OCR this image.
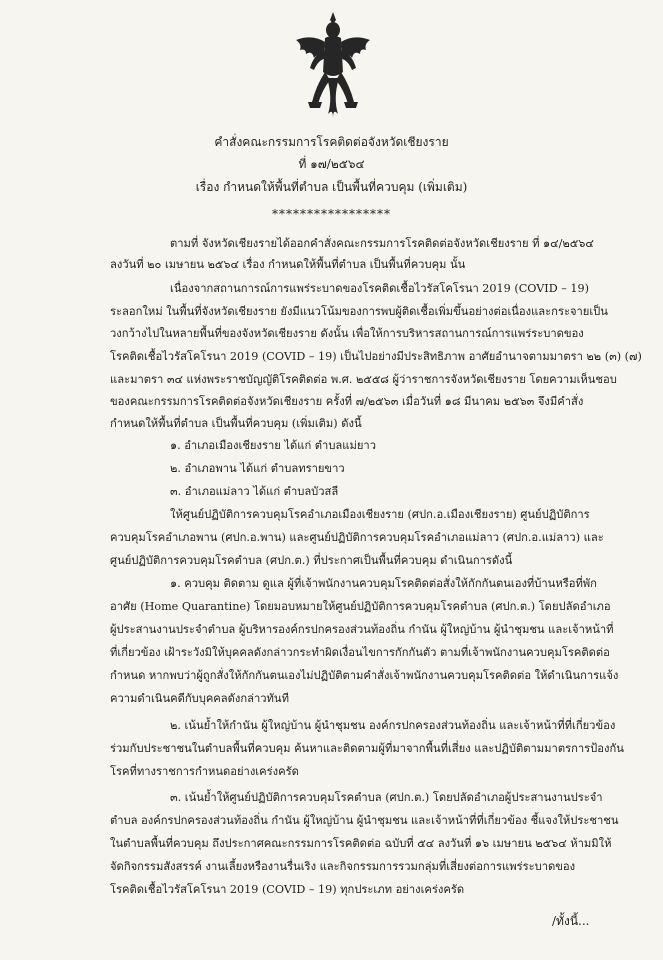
คำสั่งคณะกรรมการโรคติดต่อจังหวัดเชียงราย
ที่ ๑๗/๒๕๖๔
เรื่อง กำหนดให้พื้นที่ตำบล เป็นพื้นที่ควบคุม (เพิ่มเติม)
*****************
ตามที่ จังหวัดเชียงรายได้ออกคำสั่งคณะกรรมการโรคติดต่อจังหวัดเชียงราย ที่ ๑๔/๒๕๖๔
ลงวันที่ ๒๐ เมษายน ๒๕๖๔ เรื่อง กำหนดให้พื้นที่ตำบล เป็นพื้นที่ควบคุม นั้น
เนื่องจากสถานการณ์การแพร่ระบาดของโรคติดเชื้อไวรัสโคโรนา 2019 (COVID – 19)
ระลอกใหม่ ในพื้นที่จังหวัดเชียงราย ยังมีแนวโน้มของการพบผู้ติดเชื้อเพิ่มขึ้นอย่างต่อเนื่องและกระจายเป็น
วงกว้างไปในหลายพื้นที่ของจังหวัดเชียงราย ดังนั้น เพื่อให้การบริหารสถานการณ์การแพร่ระบาดของ
โรคติดเชื้อไวรัสโคโรนา 2019 (COVID – 19) เป็นไปอย่างมีประสิทธิภาพ อาศัยอำนาจตามมาตรา ๒๒ (๓) (๗)
และมาตรา ๓๔ แห่งพระราชบัญญัติโรคติดต่อ พ.ศ. ๒๕๕๘ ผู้ว่าราชการจังหวัดเชียงราย โดยความเห็นชอบ
ของคณะกรรมการโรคติดต่อจังหวัดเชียงราย ครั้งที่ ๗/๒๕๖๓ เมื่อวันที่ ๑๘ มีนาคม ๒๕๖๓ จึงมีคำสั่ง
กำหนดให้พื้นที่ตำบล เป็นพื้นที่ควบคุม (เพิ่มเติม) ดังนี้
๑. อำเภอเมืองเชียงราย ได้แก่ ตำบลแม่ยาว
๒. อำเภอพาน ได้แก่ ตำบลทรายขาว
๓. อำเภอแม่ลาว ได้แก่ ตำบลบัวสลี
ให้ศูนย์ปฏิบัติการควบคุมโรคอำเภอเมืองเชียงราย (ศปก.อ.เมืองเชียงราย) ศูนย์ปฏิบัติการ
ควบคุมโรคอำเภอพาน (ศปก.อ.พาน) และศูนย์ปฏิบัติการควบคุมโรคอำเภอแม่ลาว (ศปก.อ.แม่ลาว) และ
ศูนย์ปฏิบัติการควบคุมโรคตำบล (ศปก.ต.) ที่ประกาศเป็นพื้นที่ควบคุม ดำเนินการดังนี้
๑. ควบคุม ติดตาม ดูแล ผู้ที่เจ้าพนักงานควบคุมโรคติดต่อสั่งให้กักกันตนเองที่บ้านหรือที่พัก
อาศัย (Home Quarantine) โดยมอบหมายให้ศูนย์ปฏิบัติการควบคุมโรคตำบล (ศปก.ต.) โดยปลัดอำเภอ
ผู้ประสานงานประจำตำบล ผู้บริหารองค์กรปกครองส่วนท้องถิ่น กำนัน ผู้ใหญ่บ้าน ผู้นำชุมชน และเจ้าหน้าที่
ที่เกี่ยวข้อง เฝ้าระวังมิให้บุคคลดังกล่าวกระทำผิดเงื่อนไขการกักกันตัว ตามที่เจ้าพนักงานควบคุมโรคติดต่อ
กำหนด หากพบว่าผู้ถูกสั่งให้กักกันตนเองไม่ปฏิบัติตามคำสั่งเจ้าพนักงานควบคุมโรคติดต่อ ให้ดำเนินการแจ้ง
ความดำเนินคดีกับบุคคลดังกล่าวทันที
๒. เน้นย้ำให้กำนัน ผู้ใหญ่บ้าน ผู้นำชุมชน องค์กรปกครองส่วนท้องถิ่น และเจ้าหน้าที่ที่เกี่ยวข้อง
ร่วมกับประชาชนในตำบลพื้นที่ควบคุม ค้นหาและติดตามผู้ที่มาจากพื้นที่เสี่ยง และปฏิบัติตามมาตรการป้องกัน
โรคที่ทางราชการกำหนดอย่างเคร่งครัด
๓. เน้นย้ำให้ศูนย์ปฏิบัติการควบคุมโรคตำบล (ศปก.ต.) โดยปลัดอำเภอผู้ประสานงานประจำ
ตำบล องค์กรปกครองส่วนท้องถิ่น กำนัน ผู้ใหญ่บ้าน ผู้นำชุมชน และเจ้าหน้าที่ที่เกี่ยวข้อง ชี้แจงให้ประชาชน
ในตำบลพื้นที่ควบคุม ถึงประกาศคณะกรรมการโรคติดต่อ ฉบับที่ ๕๔ ลงวันที่ ๑๖ เมษายน ๒๕๖๔ ห้ามมิให้
จัดกิจกรรมสังสรรค์ งานเลี้ยงหรืองานรื่นเริง และกิจกรรมการรวมกลุ่มที่เสี่ยงต่อการแพร่ระบาดของ
โรคติดเชื้อไวรัสโคโรนา 2019 (COVID – 19) ทุกประเภท อย่างเคร่งครัด
/ทั้งนี้...
